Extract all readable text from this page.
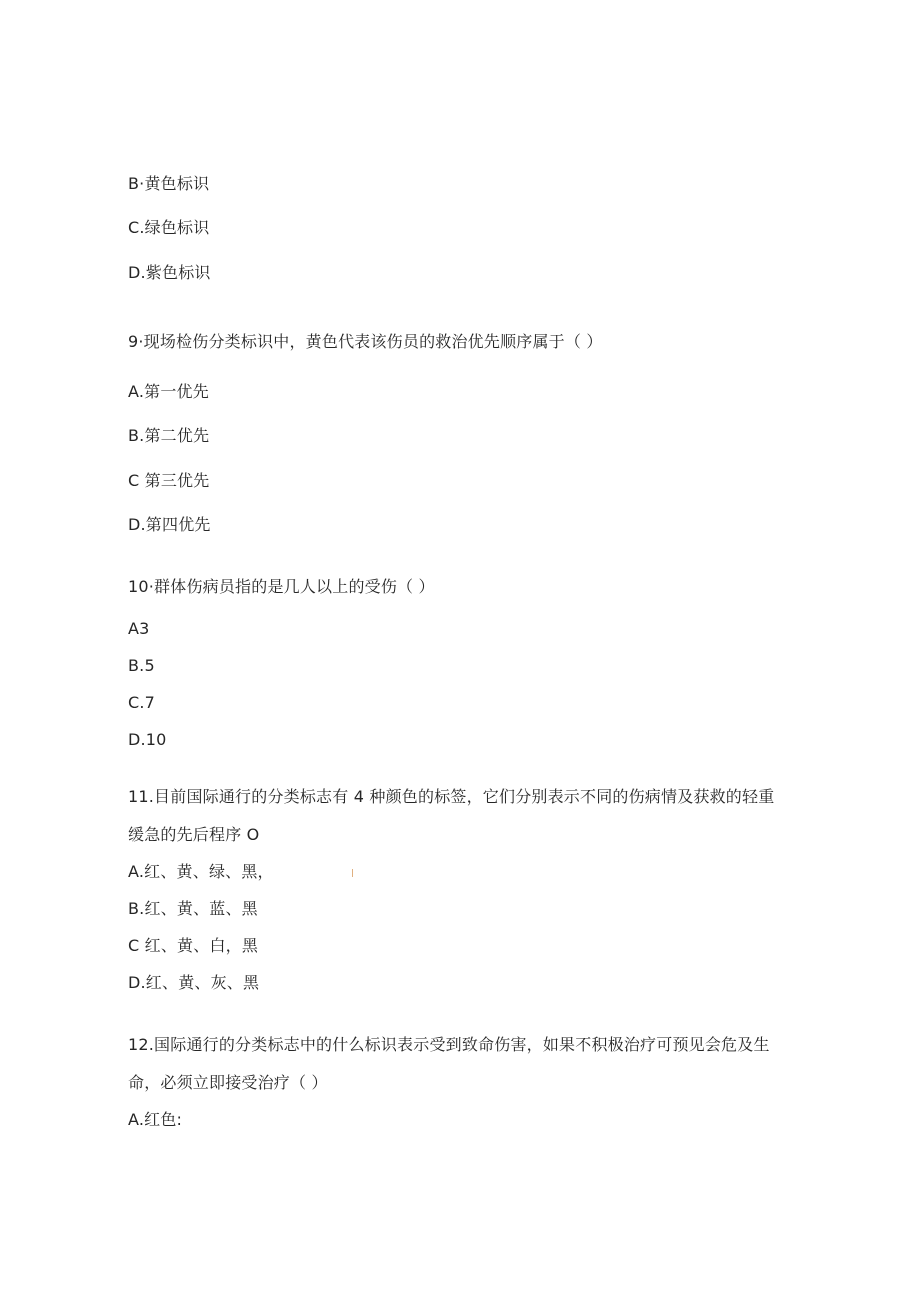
B·黄色标识
C.绿色标识
D.紫色标识
9·现场检伤分类标识中，黄色代表该伤员的救治优先顺序属于（ ）
A.第一优先
B.第二优先
C 第三优先
D.第四优先
10·群体伤病员指的是几人以上的受伤（ ）
A3
B.5
C.7
D.10
11.目前国际通行的分类标志有 4 种颜色的标签，它们分别表示不同的伤病情及获救的轻重缓急的先后程序 O
A.红、黄、绿、黑，
B.红、黄、蓝、黑
C 红、黄、白，黑
D.红、黄、灰、黑
12.国际通行的分类标志中的什么标识表示受到致命伤害，如果不积极治疗可预见会危及生命，必须立即接受治疗（ ）
A.红色:
